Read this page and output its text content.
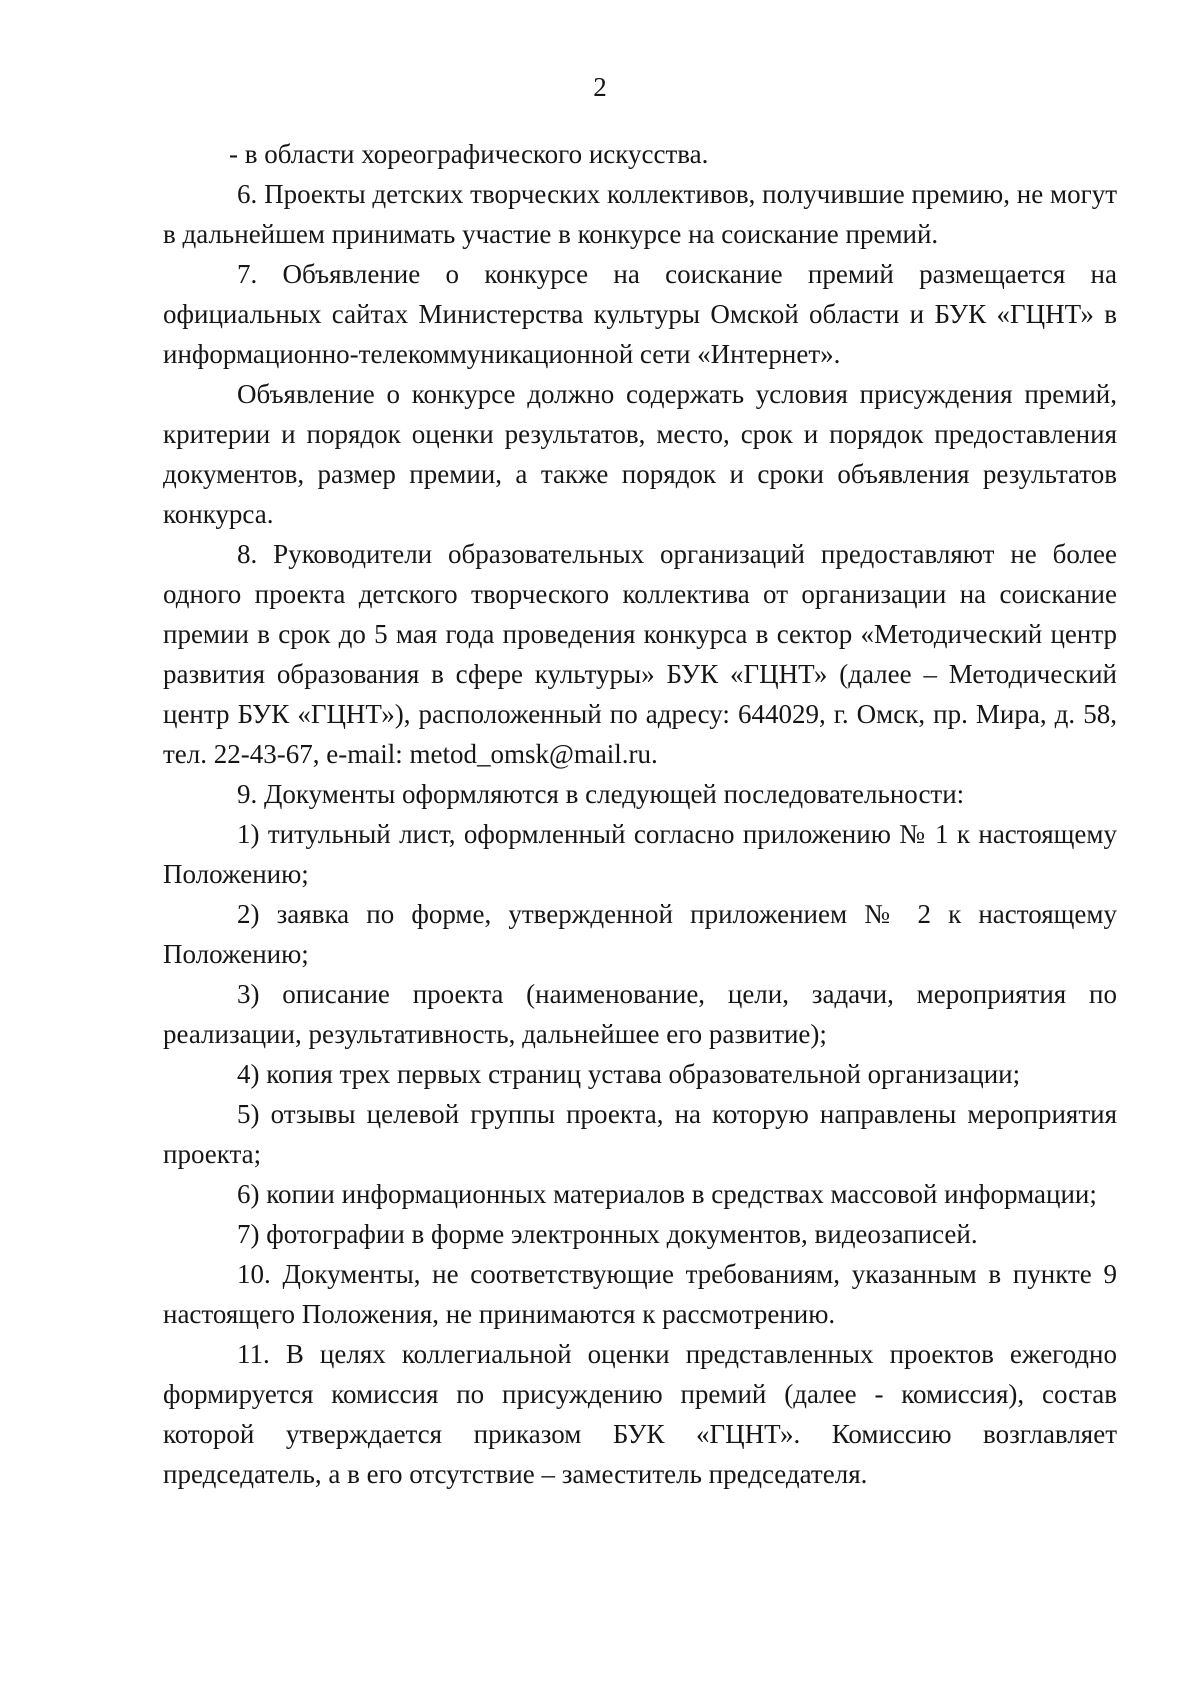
2

- в области хореографического искусства.

6. Проекты детских творческих коллективов, получившие премию, не могут в дальнейшем принимать участие в конкурсе на соискание премий.

7. Объявление о конкурсе на соискание премий размещается на официальных сайтах Министерства культуры Омской области и БУК «ГЦНТ» в информационно-телекоммуникационной сети «Интернет».

Объявление о конкурсе должно содержать условия присуждения премий, критерии и порядок оценки результатов, место, срок и порядок предоставления документов, размер премии, а также порядок и сроки объявления результатов конкурса.

8. Руководители образовательных организаций предоставляют не более одного проекта детского творческого коллектива от организации на соискание премии в срок до 5 мая года проведения конкурса в сектор «Методический центр развития образования в сфере культуры» БУК «ГЦНТ» (далее – Методический центр БУК «ГЦНТ»), расположенный по адресу: 644029, г. Омск, пр. Мира, д. 58, тел. 22-43-67, e-mail: metod_omsk@mail.ru.

9. Документы оформляются в следующей последовательности:

1) титульный лист, оформленный согласно приложению № 1 к настоящему Положению;

2) заявка по форме, утвержденной приложением № 2 к настоящему Положению;

3) описание проекта (наименование, цели, задачи, мероприятия по реализации, результативность, дальнейшее его развитие);

4) копия трех первых страниц устава образовательной организации;

5) отзывы целевой группы проекта, на которую направлены мероприятия проекта;

6) копии информационных материалов в средствах массовой информации;

7) фотографии в форме электронных документов, видеозаписей.

10. Документы, не соответствующие требованиям, указанным в пункте 9 настоящего Положения, не принимаются к рассмотрению.

11. В целях коллегиальной оценки представленных проектов ежегодно формируется комиссия по присуждению премий (далее - комиссия), состав которой утверждается приказом БУК «ГЦНТ». Комиссию возглавляет председатель, а в его отсутствие – заместитель председателя.
